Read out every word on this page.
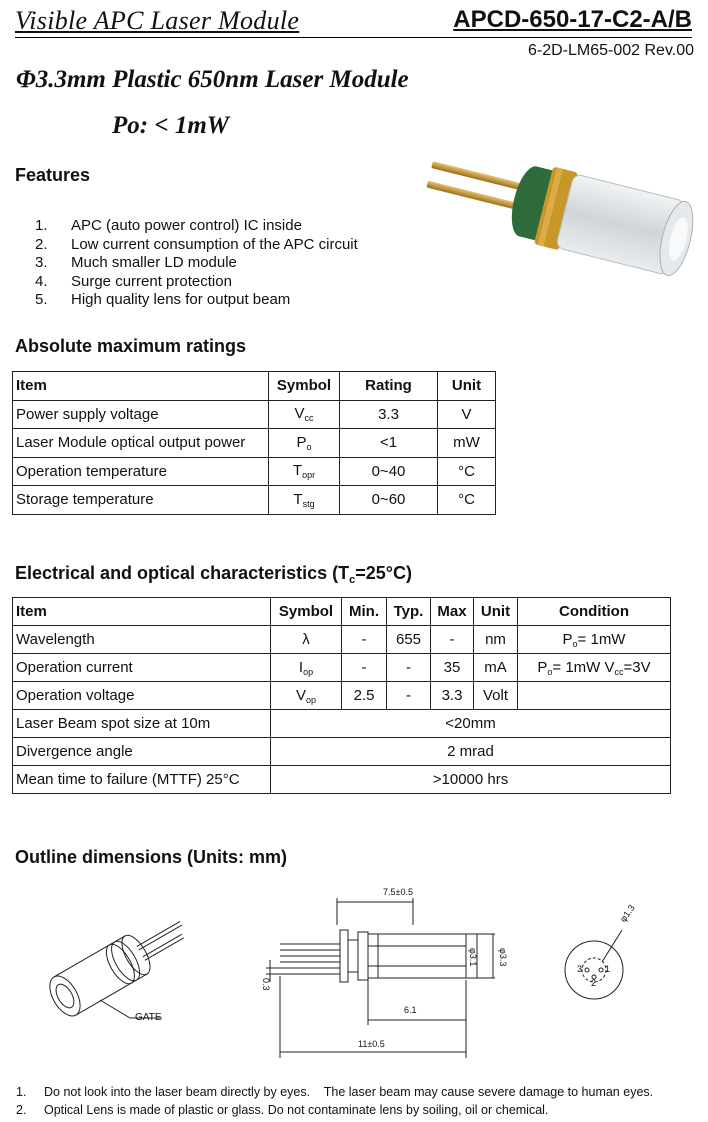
Visible APC Laser Module	APCD-650-17-C2-A/B
6-2D-LM65-002 Rev.00
Φ3.3mm Plastic 650nm Laser Module
Po: < 1mW
Features
1.	APC (auto power control) IC inside
2.	Low current consumption of the APC circuit
3.	Much smaller LD module
4.	Surge current protection
5.	High quality lens for output beam
Absolute maximum ratings
Item	Symbol	Rating	Unit
Power supply voltage	$V_{cc}$	3.3	V
Laser Module optical output power	$P_o$	<1	mW
Operation temperature	$T_{opr}$	0~40	°C
Storage temperature	$T_{stg}$	0~60	°C
Electrical and optical characteristics $(T_c=25^\circ C)$
Item	Symbol	Min.	Typ.	Max	Unit	Condition
Wavelength	λ	-	655	-	nm	$P_o= 1mW$
Operation current	$I_{op}$	-	-	35	mA	$P_o= 1mW$ $V_{cc}=3V$
Operation voltage	$V_{op}$	2.5	-	3.3	Volt	
Laser Beam spot size at 10m	<20mm					
Divergence angle	2 mrad					
Mean time to failure (MTTF) 25°C	>10000 hrs					
Outline dimensions (Units: mm)
GATE
7.5±0.5
6.1
11±0.5
φ3.1 φ3.3
0.3
φ1.3
1
2
3
1.	Do not look into the laser beam directly by eyes.    The laser beam may cause severe damage to human eyes.
2.	Optical Lens is made of plastic or glass. Do not contaminate lens by soiling, oil or chemical.
